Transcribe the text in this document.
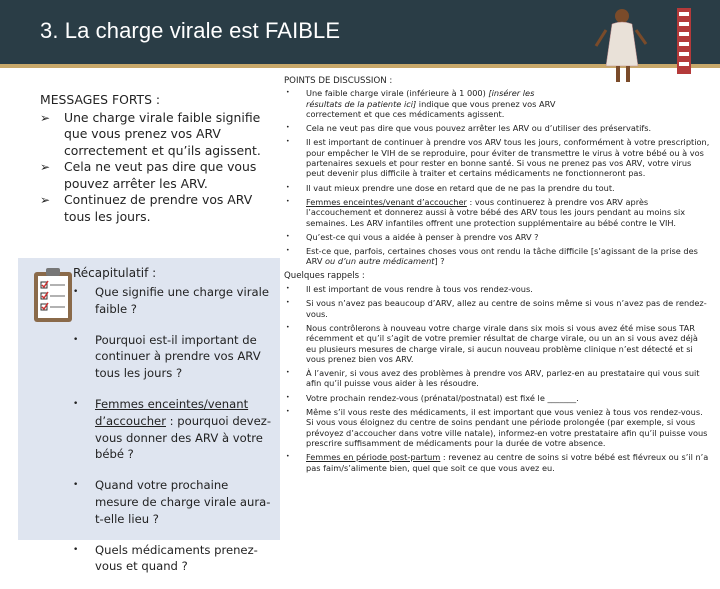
3. La charge virale est FAIBLE
MESSAGES FORTS :
➢ Une charge virale faible signifie que vous prenez vos ARV correctement et qu’ils agissent.
➢ Cela ne veut pas dire que vous pouvez arrêter les ARV.
➢ Continuez de prendre vos ARV tous les jours.
Récapitulatif :
• Que signifie une charge virale faible ?
• Pourquoi est-il important de continuer à prendre vos ARV tous les jours ?
• Femmes enceintes/venant d’accoucher : pourquoi devez-vous donner des ARV à votre bébé ?
• Quand votre prochaine mesure de charge virale aura-t-elle lieu ?
• Quels médicaments prenez-vous et quand ?
POINTS DE DISCUSSION :
• Une faible charge virale (inférieure à 1 000) [insérer les résultats de la patiente ici] indique que vous prenez vos ARV correctement et que ces médicaments agissent.
• Cela ne veut pas dire que vous pouvez arrêter les ARV ou d’utiliser des préservatifs.
• Il est important de continuer à prendre vos ARV tous les jours, conformément à votre prescription, pour empêcher le VIH de se reproduire, pour éviter de transmettre le virus à votre bébé ou à vos partenaires sexuels et pour rester en bonne santé. Si vous ne prenez pas vos ARV, votre virus peut devenir plus difficile à traiter et certains médicaments ne fonctionneront pas.
• Il vaut mieux prendre une dose en retard que de ne pas la prendre du tout.
• Femmes enceintes/venant d’accoucher : vous continuerez à prendre vos ARV après l’accouchement et donnerez aussi à votre bébé des ARV tous les jours pendant au moins six semaines. Les ARV infantiles offrent une protection supplémentaire au bébé contre le VIH.
• Qu’est-ce qui vous a aidée à penser à prendre vos ARV ?
• Est-ce que, parfois, certaines choses vous ont rendu la tâche difficile [s’agissant de la prise des ARV ou d’un autre médicament] ?
Quelques rappels :
• Il est important de vous rendre à tous vos rendez-vous.
• Si vous n’avez pas beaucoup d’ARV, allez au centre de soins même si vous n’avez pas de rendez-vous.
• Nous contrôlerons à nouveau votre charge virale dans six mois si vous avez été mise sous TAR récemment et qu’il s’agit de votre premier résultat de charge virale, ou un an si vous avez déjà eu plusieurs mesures de charge virale, si aucun nouveau problème clinique n’est détecté et si vous prenez bien vos ARV.
• À l’avenir, si vous avez des problèmes à prendre vos ARV, parlez-en au prestataire qui vous suit afin qu’il puisse vous aider à les résoudre.
• Votre prochain rendez-vous (prénatal/postnatal) est fixé le _______.
• Même s’il vous reste des médicaments, il est important que vous veniez à tous vos rendez-vous. Si vous vous éloignez du centre de soins pendant une période prolongée (par exemple, si vous prévoyez d’accoucher dans votre ville natale), informez-en votre prestataire afin qu’il puisse vous prescrire suffisamment de médicaments pour la durée de votre absence.
• Femmes en période post-partum : revenez au centre de soins si votre bébé est fiévreux ou s’il n’a pas faim/s’alimente bien, quel que soit ce que vous avez eu.
